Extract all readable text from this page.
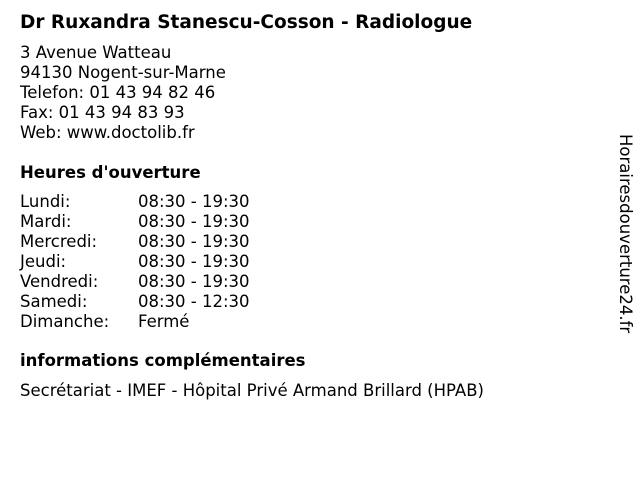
Dr Ruxandra Stanescu-Cosson - Radiologue
3 Avenue Watteau
94130 Nogent-sur-Marne
Telefon: 01 43 94 82 46
Fax: 01 43 94 83 93
Web: www.doctolib.fr
Heures d'ouverture
Lundi:	08:30 - 19:30
Mardi:	08:30 - 19:30
Mercredi:	08:30 - 19:30
Jeudi:	08:30 - 19:30
Vendredi:	08:30 - 19:30
Samedi:	08:30 - 12:30
Dimanche:	Fermé
informations complémentaires
Secrétariat - IMEF - Hôpital Privé Armand Brillard (HPAB)
Horairesdouverture24.fr
